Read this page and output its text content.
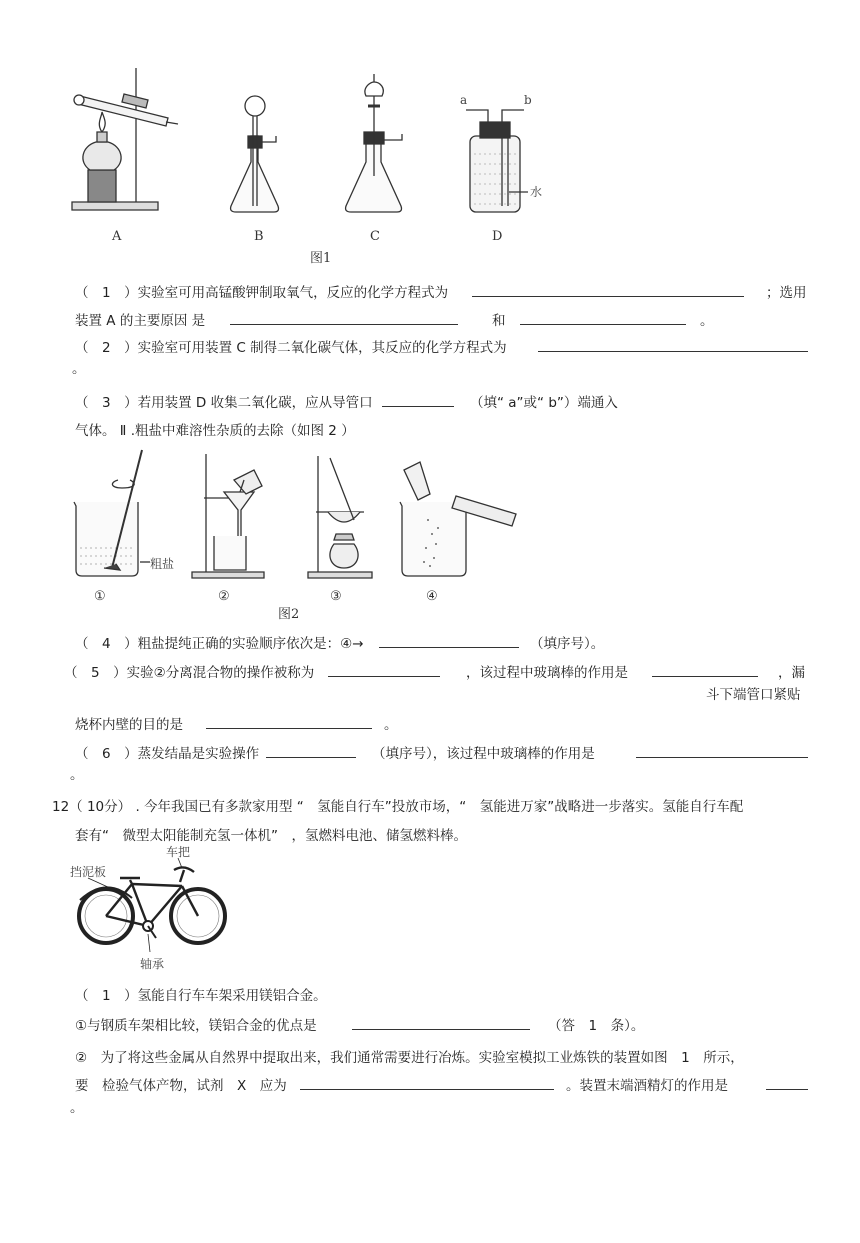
A	B	C	D
a	b
水
图1
（　1　）实验室可用高锰酸钾制取氧气，反应的化学方程式为	；选用
装置 A 的主要原因 是	和	。
（　2　）实验室可用装置 C 制得二氧化碳气体，其反应的化学方程式为
。
（　3　）若用装置 D 收集二氧化碳，应从导管口	（填“ a”或“ b”）端通入
气体。 Ⅱ .粗盐中难溶性杂质的去除（如图 2 ）
粗盐
①	②	③	④
图2
（　4　）粗盐提纯正确的实验顺序依次是：④→	（填序号）。
（　5　）实验②分离混合物的操作被称为	，该过程中玻璃棒的作用是	，漏
斗下端管口紧贴
烧杯内壁的目的是	。
（　6　）蒸发结晶是实验操作	（填序号），该过程中玻璃棒的作用是
。
12（ 10分） . 今年我国已有多款家用型 “　氢能自行车”投放市场，“　氢能进万家”战略进一步落实。氢能自行车配
套有“　微型太阳能制充氢一体机”　，氢燃料电池、储氢燃料棒。
车把
挡泥板
轴承
（　1　）氢能自行车车架采用镁铝合金。
①与钢质车架相比较，镁铝合金的优点是	（答　1　条）。
②　为了将这些金属从自然界中提取出来，我们通常需要进行冶炼。实验室模拟工业炼铁的装置如图　1　所示，
要　检验气体产物，试剂　X　应为	。装置末端酒精灯的作用是
。
